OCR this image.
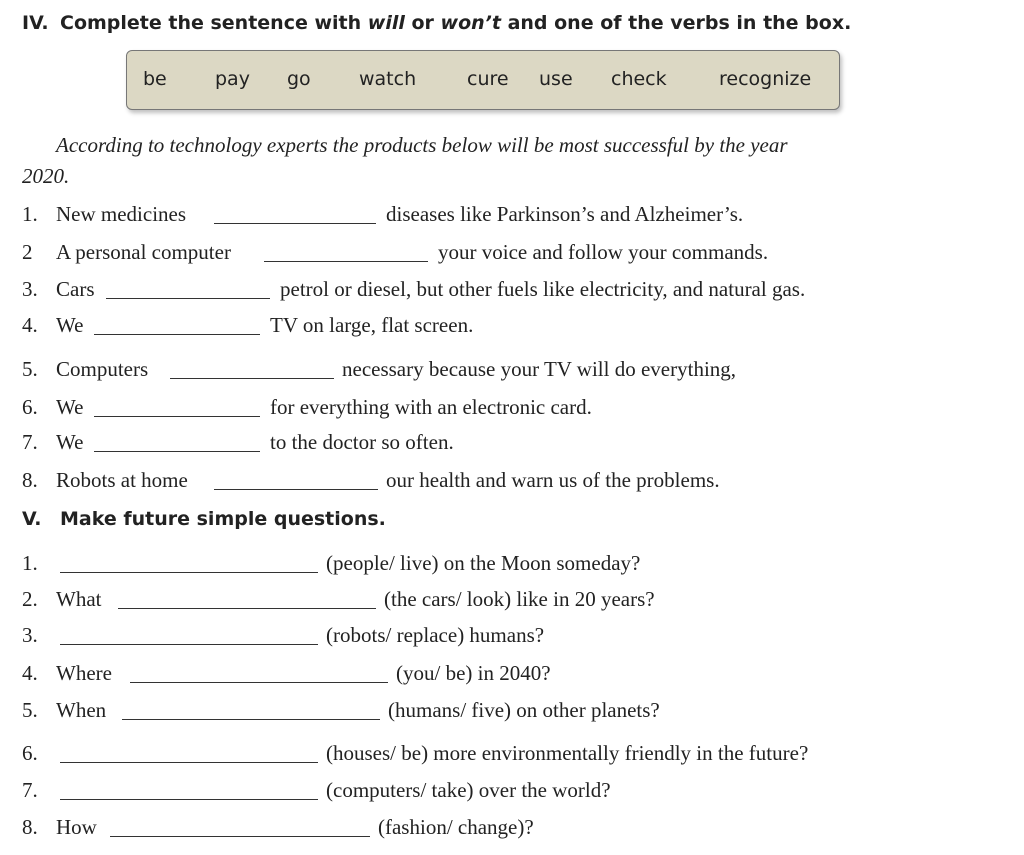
IV. Complete the sentence with will or won’t and one of the verbs in the box.
be	pay go	watch	cure use check	recognize
According to technology experts the products below will be most successful by the year
2020.
1. New medicines	diseases like Parkinson’s and Alzheimer’s.
2 A personal computer	your voice and follow your commands.
3. Cars	petrol or diesel, but other fuels like electricity, and natural gas.
4. We	TV on large, flat screen.
5. Computers	necessary because your TV will do everything,
6. We	for everything with an electronic card.
7. We	to the doctor so often.
8. Robots at home	our health and warn us of the problems.
V. Make future simple questions.
1.	(people/ live) on the Moon someday?
2. What	(the cars/ look) like in 20 years?
3.	(robots/ replace) humans?
4. Where	(you/ be) in 2040?
5. When	(humans/ five) on other planets?
6.	(houses/ be) more environmentally friendly in the future?
7.	(computers/ take) over the world?
8. How	(fashion/ change)?
